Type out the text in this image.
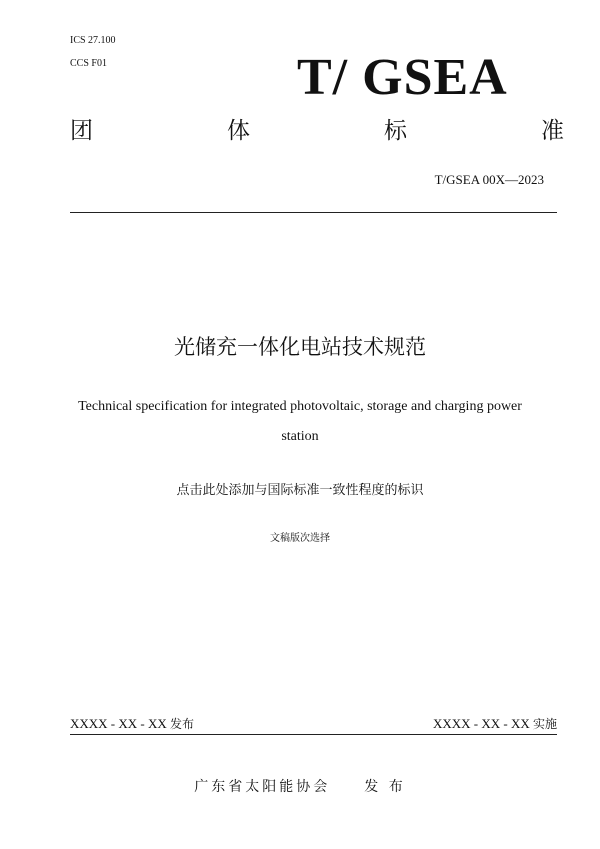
ICS 27.100
CCS F01	T/ GSEA
团	体	标	准
T/GSEA 00X—2023
光储充一体化电站技术规范
Technical specification for integrated photovoltaic, storage and charging power
station
点击此处添加与国际标准一致性程度的标识
文稿版次选择
XXXX - XX - XX 发布	XXXX - XX - XX 实施
广东省太阳能协会 发 布
